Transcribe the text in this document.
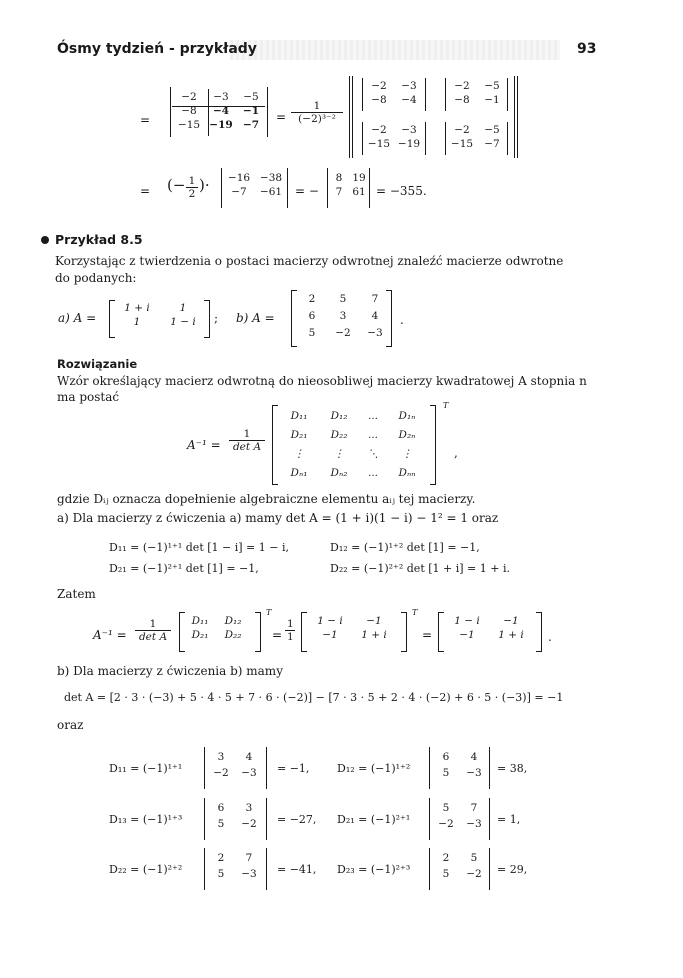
Ósmy tydzień - przykłady	93
=
−2	−3	−5
−8	−4	−1
−15 −19 −7
= $\frac{1}{\text{(−2)³⁻²}}$
−2	−3
−8	−4
−2	−5
−8	−1
−2	−3
−15 −19
−2	−5
−15	−7
= (− $\frac{1}{2}$ )·	−16 −38
−7	−61	= −
8 19
7 61 = −355.
Przykład 8.5
Korzystając z twierdzenia o postaci macierzy odwrotnej znaleźć macierze odwrotne
do podanych:
a) A =
1 + i	1
1	1 − i	; b) A =
2	5	7
6	3	4
5	−2	−3
.
Rozwiązanie
Wzór określający macierz odwrotną do nieosobliwej macierzy kwadratowej A stopnia n
ma postać
A⁻¹ =
1
det A
D₁₁	D₁₂	...	D₁ₙ
D₂₁	D₂₂	...	D₂ₙ
⋮	⋮	⋱	⋮
Dₙ₁	Dₙ₂	...	Dₙₙ
T
,
gdzie Dᵢⱼ oznacza dopełnienie algebraiczne elementu aᵢⱼ tej macierzy.
a) Dla macierzy z ćwiczenia a) mamy det A = (1 + i)(1 − i) − 1² = 1 oraz
D₁₁ = (−1)¹⁺¹ det [1 − i] = 1 − i,	D₁₂ = (−1)¹⁺² det [1] = −1,
D₂₁ = (−1)²⁺¹ det [1] = −1,	D₂₂ = (−1)²⁺² det [1 + i] = 1 + i.
Zatem
A⁻¹ =
1
det A
D₁₁	D₁₂
D₂₁	D₂₂
T
= $\frac{1}{1}$	1 − i	−1
−1	1 + i
T
=
1 − i	−1
−1	1 + i	.
b) Dla macierzy z ćwiczenia b) mamy
det A = [2 · 3 · (−3) + 5 · 4 · 5 + 7 · 6 · (−2)] − [7 · 3 · 5 + 2 · 4 · (−2) + 6 · 5 · (−3)] = −1
oraz
D₁₁ = (−1)¹⁺¹
3	4
−2	−3	= −1,	D₁₂ = (−1)¹⁺²
6	4
5	−3	= 38,
D₁₃ = (−1)¹⁺³
6	3
5	−2	= −27, D₂₁ = (−1)²⁺¹
5	7
−2	−3	= 1,
D₂₂ = (−1)²⁺²
2	7
5	−3	= −41, D₂₃ = (−1)²⁺³
2	5
5	−2	= 29,
